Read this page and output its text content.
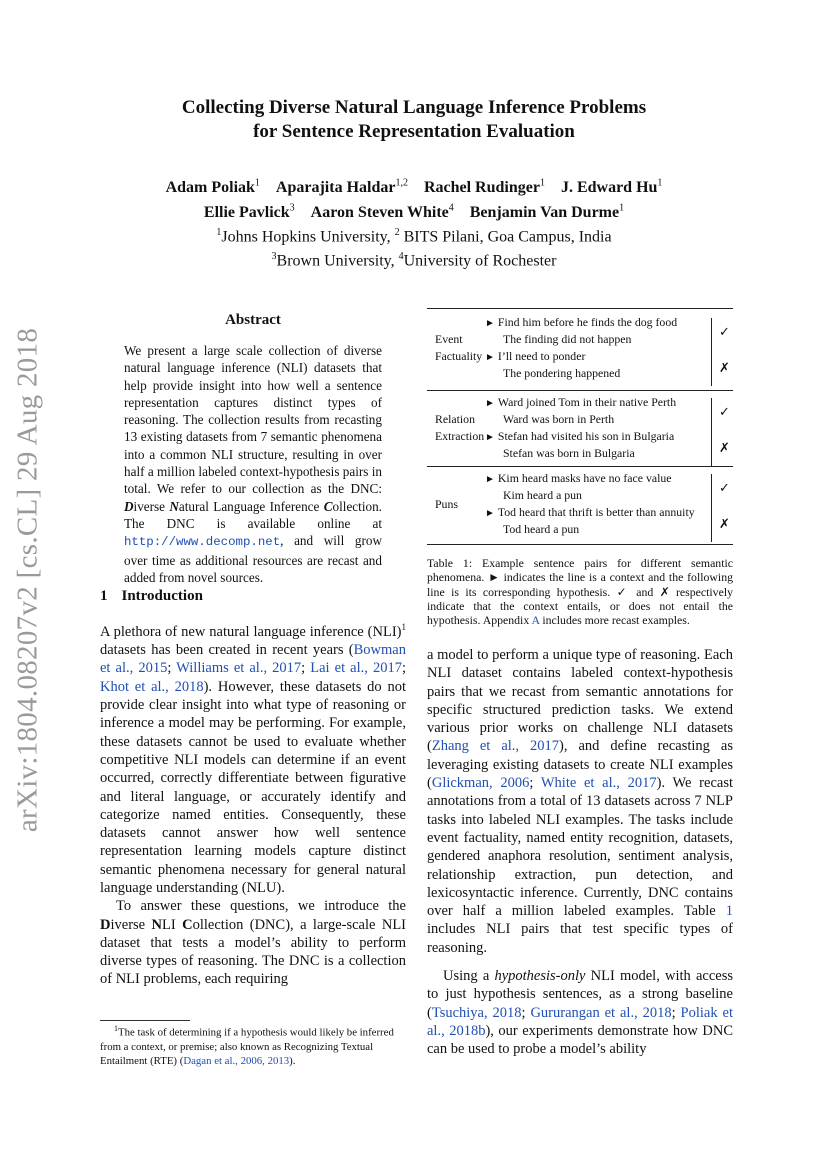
arXiv:1804.08207v2 [cs.CL] 29 Aug 2018
Collecting Diverse Natural Language Inference Problems
for Sentence Representation Evaluation
Adam Poliak$^1$ Aparajita Haldar$^{1,2}$ Rachel Rudinger$^1$ J. Edward Hu$^1$
Ellie Pavlick$^3$ Aaron Steven White$^4$ Benjamin Van Durme$^1$
$^1$Johns Hopkins University, $^2$ BITS Pilani, Goa Campus, India
$^3$Brown University, $^4$University of Rochester
Abstract
We present a large scale collection of diverse natural language inference (NLI) datasets that help provide insight into how well a sentence representation captures distinct types of reasoning. The collection results from recasting 13 existing datasets from 7 semantic phenomena into a common NLI structure, resulting in over half a million labeled context-hypothesis pairs in total. We refer to our collection as the DNC: Diverse Natural Language Inference Collection. The DNC is available online at http://www.decomp.net, and will grow over time as additional resources are recast and added from novel sources.
1 Introduction

A plethora of new natural language inference (NLI)$^1$ datasets has been created in recent years (Bowman et al., 2015; Williams et al., 2017; Lai et al., 2017; Khot et al., 2018). However, these datasets do not provide clear insight into what type of reasoning or inference a model may be performing. For example, these datasets cannot be used to evaluate whether competitive NLI models can determine if an event occurred, correctly differentiate between figurative and literal language, or accurately identify and categorize named entities. Consequently, these datasets cannot answer how well sentence representation learning models capture distinct semantic phenomena necessary for general natural language understanding (NLU).

To answer these questions, we introduce the Diverse NLI Collection (DNC), a large-scale NLI dataset that tests a model’s ability to perform diverse types of reasoning. The DNC is a collection of NLI problems, each requiring

$^1$The task of determining if a hypothesis would likely be inferred from a context, or premise; also known as Recognizing Textual Entailment (RTE) (Dagan et al., 2006, 2013).
Event
Factuality
► Find him before he finds the dog food
The finding did not happen
► I’ll need to ponder
The pondering happened
✓
✗
Relation
Extraction
► Ward joined Tom in their native Perth
Ward was born in Perth
► Stefan had visited his son in Bulgaria
Stefan was born in Bulgaria
✓
✗
Puns
► Kim heard masks have no face value
Kim heard a pun
► Tod heard that thrift is better than annuity
Tod heard a pun
✓
✗
Table 1: Example sentence pairs for different semantic phenomena. ► indicates the line is a context and the following line is its corresponding hypothesis. ✓ and ✗ respectively indicate that the context entails, or does not entail the hypothesis. Appendix A includes more recast examples.

a model to perform a unique type of reasoning. Each NLI dataset contains labeled context-hypothesis pairs that we recast from semantic annotations for specific structured prediction tasks. We extend various prior works on challenge NLI datasets (Zhang et al., 2017), and define recasting as leveraging existing datasets to create NLI examples (Glickman, 2006; White et al., 2017). We recast annotations from a total of 13 datasets across 7 NLP tasks into labeled NLI examples. The tasks include event factuality, named entity recognition, datasets, gendered anaphora resolution, sentiment analysis, relationship extraction, pun detection, and lexicosyntactic inference. Currently, DNC contains over half a million labeled examples. Table 1 includes NLI pairs that test specific types of reasoning.

Using a hypothesis-only NLI model, with access to just hypothesis sentences, as a strong baseline (Tsuchiya, 2018; Gururangan et al., 2018; Poliak et al., 2018b), our experiments demonstrate how DNC can be used to probe a model’s ability
